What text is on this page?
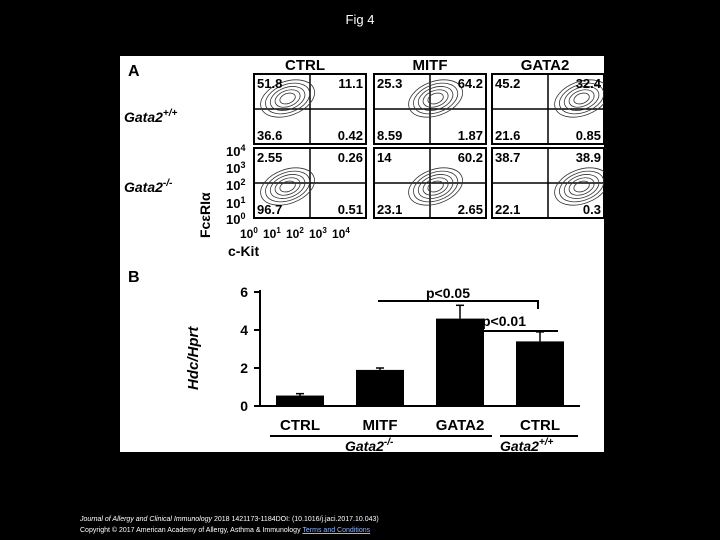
Fig 4
A	CTRL	MITF	GATA2
Gata2+/+
Gata2-/-
51.8	11.1
36.6	0.42
25.3	64.2
8.59	1.87
45.2	32.4
21.6	0.85
2.55	0.26
96.7	0.51
14	60.2
23.1	2.65
38.7	38.9
22.1	0.3
$10^4$
$10^3$
$10^2$
$10^1$
$10^0$
$10^0$ $10^1$ $10^2$ $10^3$ $10^4$
FcεRIα
c-Kit
B
Hdc/Hprt
0
2
4
6
CTRL	MITF	GATA2 CTRL
p<0.05
p<0.01
Gata2-/-	Gata2+/+
Journal of Allergy and Clinical Immunology 2018 1421173-1184DOI: (10.1016/j.jaci.2017.10.043)
Copyright © 2017 American Academy of Allergy, Asthma & Immunology Terms and Conditions
